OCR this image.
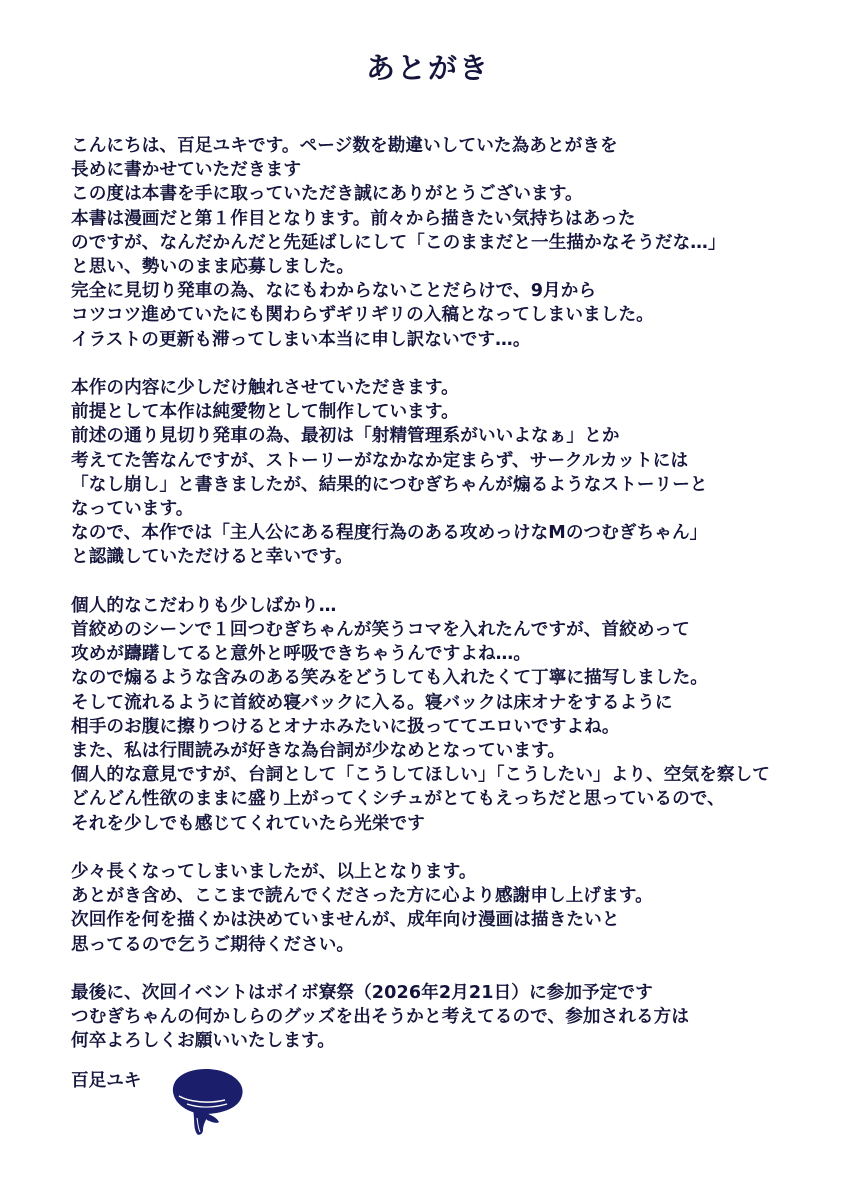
あとがき
こんにちは、百足ユキです。ページ数を勘違いしていた為あとがきを
長めに書かせていただきます
この度は本書を手に取っていただき誠にありがとうございます。
本書は漫画だと第１作目となります。前々から描きたい気持ちはあった
のですが、なんだかんだと先延ばしにして「このままだと一生描かなそうだな…」
と思い、勢いのまま応募しました。
完全に見切り発車の為、なにもわからないことだらけで、9月から
コツコツ進めていたにも関わらずギリギリの入稿となってしまいました。
イラストの更新も滞ってしまい本当に申し訳ないです…。
本作の内容に少しだけ触れさせていただきます。
前提として本作は純愛物として制作しています。
前述の通り見切り発車の為、最初は「射精管理系がいいよなぁ」とか
考えてた筈なんですが、ストーリーがなかなか定まらず、サークルカットには
「なし崩し」と書きましたが、結果的につむぎちゃんが煽るようなストーリーと
なっています。
なので、本作では「主人公にある程度行為のある攻めっけなMのつむぎちゃん」
と認識していただけると幸いです。
個人的なこだわりも少しばかり…
首絞めのシーンで１回つむぎちゃんが笑うコマを入れたんですが、首絞めって
攻めが躊躇してると意外と呼吸できちゃうんですよね…。
なので煽るような含みのある笑みをどうしても入れたくて丁寧に描写しました。
そして流れるように首絞め寝バックに入る。寝バックは床オナをするように
相手のお腹に擦りつけるとオナホみたいに扱っててエロいですよね。
また、私は行間読みが好きな為台詞が少なめとなっています。
個人的な意見ですが、台詞として「こうしてほしい」「こうしたい」より、空気を察して
どんどん性欲のままに盛り上がってくシチュがとてもえっちだと思っているので、
それを少しでも感じてくれていたら光栄です
少々長くなってしまいましたが、以上となります。
あとがき含め、ここまで読んでくださった方に心より感謝申し上げます。
次回作を何を描くかは決めていませんが、成年向け漫画は描きたいと
思ってるので乞うご期待ください。
最後に、次回イベントはボイボ寮祭（2026年2月21日）に参加予定です
つむぎちゃんの何かしらのグッズを出そうかと考えてるので、参加される方は
何卒よろしくお願いいたします。
百足ユキ
